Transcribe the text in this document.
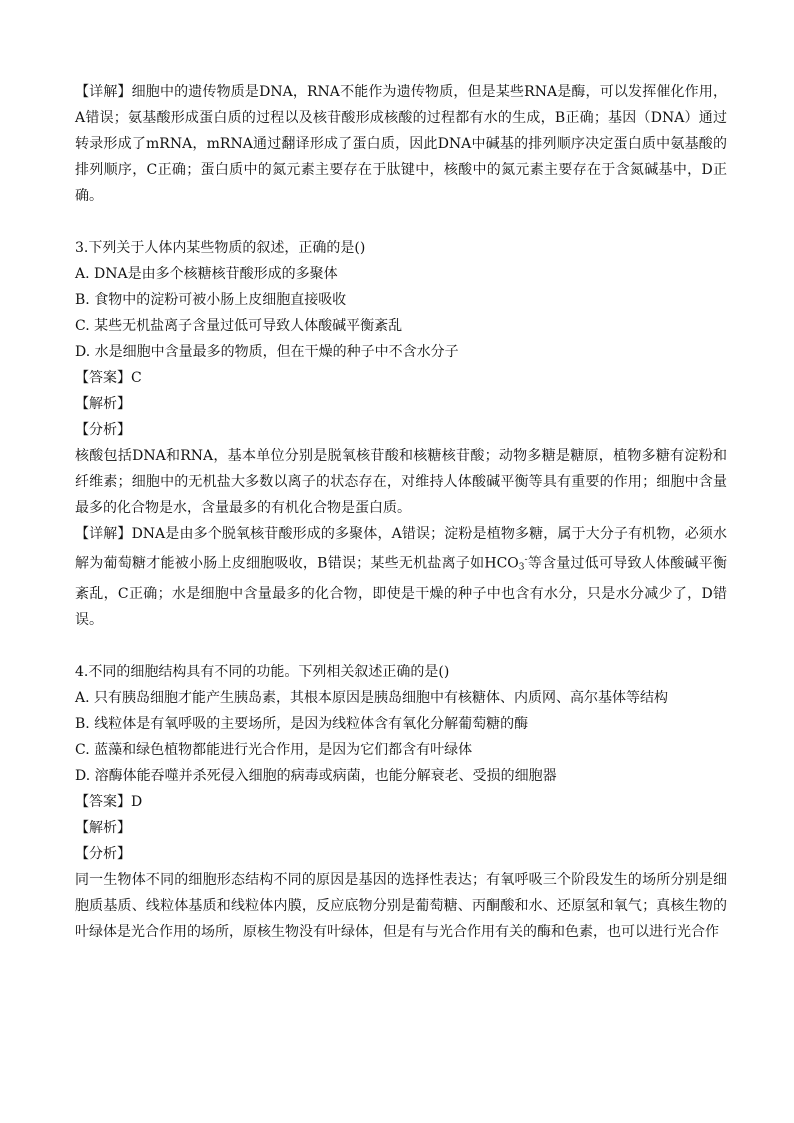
【详解】细胞中的遗传物质是DNA，RNA不能作为遗传物质，但是某些RNA是酶，可以发挥催化作用，A错误；氨基酸形成蛋白质的过程以及核苷酸形成核酸的过程都有水的生成，B正确；基因（DNA）通过转录形成了mRNA，mRNA通过翻译形成了蛋白质，因此DNA中碱基的排列顺序决定蛋白质中氨基酸的排列顺序，C正确；蛋白质中的氮元素主要存在于肽键中，核酸中的氮元素主要存在于含氮碱基中，D正确。

3.下列关于人体内某些物质的叙述，正确的是()

A. DNA是由多个核糖核苷酸形成的多聚体

B. 食物中的淀粉可被小肠上皮细胞直接吸收

C. 某些无机盐离子含量过低可导致人体酸碱平衡紊乱

D. 水是细胞中含量最多的物质，但在干燥的种子中不含水分子

【答案】C

【解析】

【分析】

核酸包括DNA和RNA，基本单位分别是脱氧核苷酸和核糖核苷酸；动物多糖是糖原，植物多糖有淀粉和纤维素；细胞中的无机盐大多数以离子的状态存在，对维持人体酸碱平衡等具有重要的作用；细胞中含量最多的化合物是水，含量最多的有机化合物是蛋白质。

【详解】DNA是由多个脱氧核苷酸形成的多聚体，A错误；淀粉是植物多糖，属于大分子有机物，必须水解为葡萄糖才能被小肠上皮细胞吸收，B错误；某些无机盐离子如$HCO_3^-$等含量过低可导致人体酸碱平衡紊乱，C正确；水是细胞中含量最多的化合物，即使是干燥的种子中也含有水分，只是水分减少了，D错误。

4.不同的细胞结构具有不同的功能。下列相关叙述正确的是()

A. 只有胰岛细胞才能产生胰岛素，其根本原因是胰岛细胞中有核糖体、内质网、高尔基体等结构

B. 线粒体是有氧呼吸的主要场所，是因为线粒体含有氧化分解葡萄糖的酶

C. 蓝藻和绿色植物都能进行光合作用，是因为它们都含有叶绿体

D. 溶酶体能吞噬并杀死侵入细胞的病毒或病菌，也能分解衰老、受损的细胞器

【答案】D

【解析】

【分析】

同一生物体不同的细胞形态结构不同的原因是基因的选择性表达；有氧呼吸三个阶段发生的场所分别是细胞质基质、线粒体基质和线粒体内膜，反应底物分别是葡萄糖、丙酮酸和水、还原氢和氧气；真核生物的叶绿体是光合作用的场所，原核生物没有叶绿体，但是有与光合作用有关的酶和色素，也可以进行光合作
